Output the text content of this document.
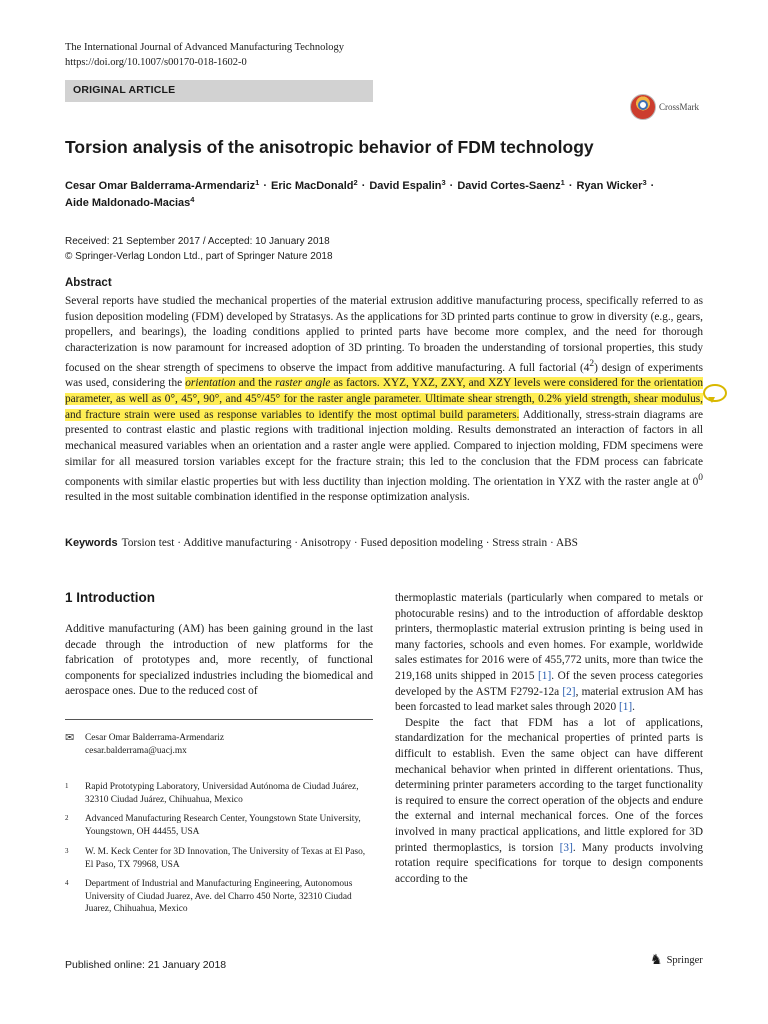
The International Journal of Advanced Manufacturing Technology
https://doi.org/10.1007/s00170-018-1602-0
ORIGINAL ARTICLE
CrossMark
Torsion analysis of the anisotropic behavior of FDM technology
Cesar Omar Balderrama-Armendariz$^1$ · Eric MacDonald$^2$ · David Espalin$^3$ · David Cortes-Saenz$^1$ · Ryan Wicker$^3$ ·
Aide Maldonado-Macias$^4$
Received: 21 September 2017 / Accepted: 10 January 2018
© Springer-Verlag London Ltd., part of Springer Nature 2018
Abstract
Several reports have studied the mechanical properties of the material extrusion additive manufacturing process, specifically referred to as fusion deposition modeling (FDM) developed by Stratasys. As the applications for 3D printed parts continue to grow in diversity (e.g., gears, propellers, and bearings), the loading conditions applied to printed parts have become more complex, and the need for thorough characterization is now paramount for increased adoption of 3D printing. To broaden the understanding of torsional properties, this study focused on the shear strength of specimens to observe the impact from additive manufacturing. A full factorial $(4^2)$ design of experiments was used, considering the orientation and the raster angle as factors. XYZ, YXZ, ZXY, and XZY levels were considered for the orientation parameter, as well as 0°, 45°, 90°, and 45°/45° for the raster angle parameter. Ultimate shear strength, 0.2% yield strength, shear modulus, and fracture strain were used as response variables to identify the most optimal build parameters. Additionally, stress-strain diagrams are presented to contrast elastic and plastic regions with traditional injection molding. Results demonstrated an interaction of factors in all mechanical measured variables when an orientation and a raster angle were applied. Compared to injection molding, FDM specimens were similar for all measured torsion variables except for the fracture strain; this led to the conclusion that the FDM process can fabricate components with similar elastic properties but with less ductility than injection molding. The orientation in YXZ with the raster angle at $0^0$ resulted in the most suitable combination identified in the response optimization analysis.
Keywords Torsion test · Additive manufacturing · Anisotropy · Fused deposition modeling · Stress strain · ABS
1 Introduction
Additive manufacturing (AM) has been gaining ground in the last decade through the introduction of new platforms for the fabrication of prototypes and, more recently, of functional components for specialized industries including the biomedical and aerospace ones. Due to the reduced cost of
✉	Cesar Omar Balderrama-Armendariz
cesar.balderrama@uacj.mx
1	Rapid Prototyping Laboratory, Universidad Autónoma de Ciudad Juárez, 32310 Ciudad Juárez, Chihuahua, Mexico
2	Advanced Manufacturing Research Center, Youngstown State University, Youngstown, OH 44455, USA
3	W. M. Keck Center for 3D Innovation, The University of Texas at El Paso, El Paso, TX 79968, USA
4	Department of Industrial and Manufacturing Engineering, Autonomous University of Ciudad Juarez, Ave. del Charro 450 Norte, 32310 Ciudad Juarez, Chihuahua, Mexico

thermoplastic materials (particularly when compared to metals or photocurable resins) and to the introduction of affordable desktop printers, thermoplastic material extrusion printing is being used in many factories, schools and even homes. For example, worldwide sales estimates for 2016 were of 455,772 units, more than twice the 219,168 units shipped in 2015 [1]. Of the seven process categories developed by the ASTM F2792-12a [2], material extrusion AM has been forcasted to lead market sales through 2020 [1].

Despite the fact that FDM has a lot of applications, standardization for the mechanical properties of printed parts is difficult to establish. Even the same object can have different mechanical behavior when printed in different orientations. Thus, determining printer parameters according to the target functionality is required to ensure the correct operation of the objects and endure the external and internal mechanical forces. One of the forces involved in many practical applications, and little explored for 3D printed thermoplastics, is torsion [3]. Many products involving rotation require specifications for torque to design components according to the

Published online: 21 January 2018	♞ Springer
